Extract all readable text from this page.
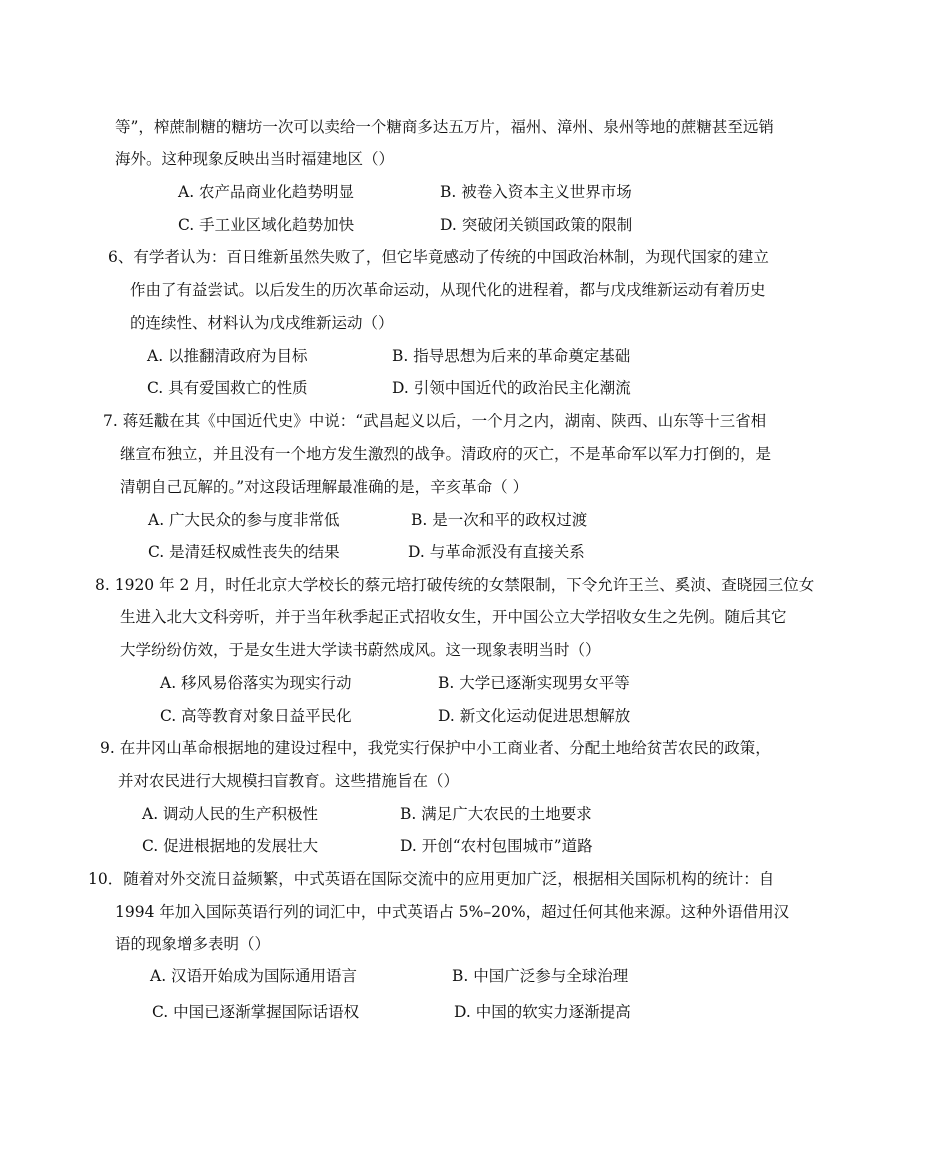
等”，榨蔗制糖的糖坊一次可以卖给一个糖商多达五万片，福州、漳州、泉州等地的蔗糖甚至远销
海外。这种现象反映出当时福建地区（）
A. 农产品商业化趋势明显	B. 被卷入资本主义世界市场
C. 手工业区域化趋势加快	D. 突破闭关锁国政策的限制
6、有学者认为：百日维新虽然失败了，但它毕竟感动了传统的中国政治林制，为现代国家的建立
作由了有益尝试。以后发生的历次革命运动，从现代化的进程着，都与戊戌维新运动有着历史
的连续性、材料认为戊戌维新运动（）
A. 以推翻清政府为目标	B. 指导思想为后来的革命奠定基础
C. 具有爱国救亡的性质	D. 引领中国近代的政治民主化潮流
7. 蒋廷黻在其《中国近代史》中说：“武昌起义以后，一个月之内，湖南、陕西、山东等十三省相
继宣布独立，并且没有一个地方发生激烈的战争。清政府的灭亡，不是革命军以军力打倒的，是
清朝自己瓦解的。”对这段话理解最准确的是，辛亥革命（ ）
A. 广大民众的参与度非常低	B. 是一次和平的政权过渡
C. 是清廷权威性丧失的结果	D. 与革命派没有直接关系
8. 1920 年 2 月，时任北京大学校长的蔡元培打破传统的女禁限制，下令允许王兰、奚浈、查晓园三位女
生进入北大文科旁听，并于当年秋季起正式招收女生，开中国公立大学招收女生之先例。随后其它
大学纷纷仿效，于是女生进大学读书蔚然成风。这一现象表明当时（）
A. 移风易俗落实为现实行动	B. 大学已逐渐实现男女平等
C. 高等教育对象日益平民化	D. 新文化运动促进思想解放
9. 在井冈山革命根据地的建设过程中，我党实行保护中小工商业者、分配土地给贫苦农民的政策，
并对农民进行大规模扫盲教育。这些措施旨在（）
A. 调动人民的生产积极性	B. 满足广大农民的土地要求
C. 促进根据地的发展壮大	D. 开创“农村包围城市”道路
10．随着对外交流日益频繁，中式英语在国际交流中的应用更加广泛，根据相关国际机构的统计：自
1994 年加入国际英语行列的词汇中，中式英语占 5%–20%，超过任何其他来源。这种外语借用汉
语的现象增多表明（）
A. 汉语开始成为国际通用语言	B. 中国广泛参与全球治理
C. 中国已逐渐掌握国际话语权	D. 中国的软实力逐渐提高
